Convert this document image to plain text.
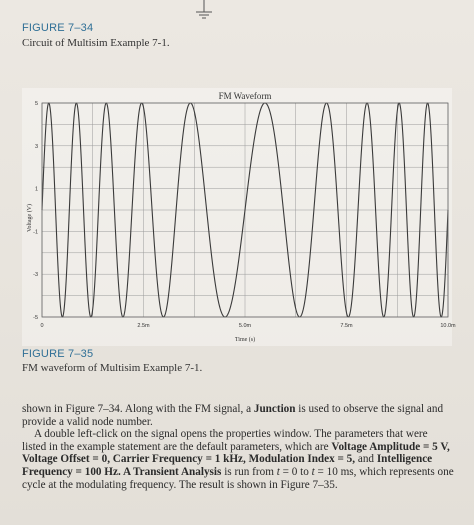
FIGURE 7–34
Circuit of Multisim Example 7-1.
5
3
1
-1
-3
-5
0	2.5m	5.0m	7.5m	10.0m
FM Waveform
Time (s)
Voltage (V)
FIGURE 7–35
FM waveform of Multisim Example 7-1.

shown in Figure 7–34. Along with the FM signal, a Junction is used to observe the signal and provide a valid node number.

A double left-click on the signal opens the properties window. The parameters that were listed in the example statement are the default parameters, which are Voltage Amplitude = 5 V, Voltage Offset = 0, Carrier Frequency = 1 kHz, Modulation Index = 5, and Intelligence Frequency = 100 Hz. A Transient Analysis is run from t = 0 to t = 10 ms, which represents one cycle at the modulating frequency. The result is shown in Figure 7–35.
